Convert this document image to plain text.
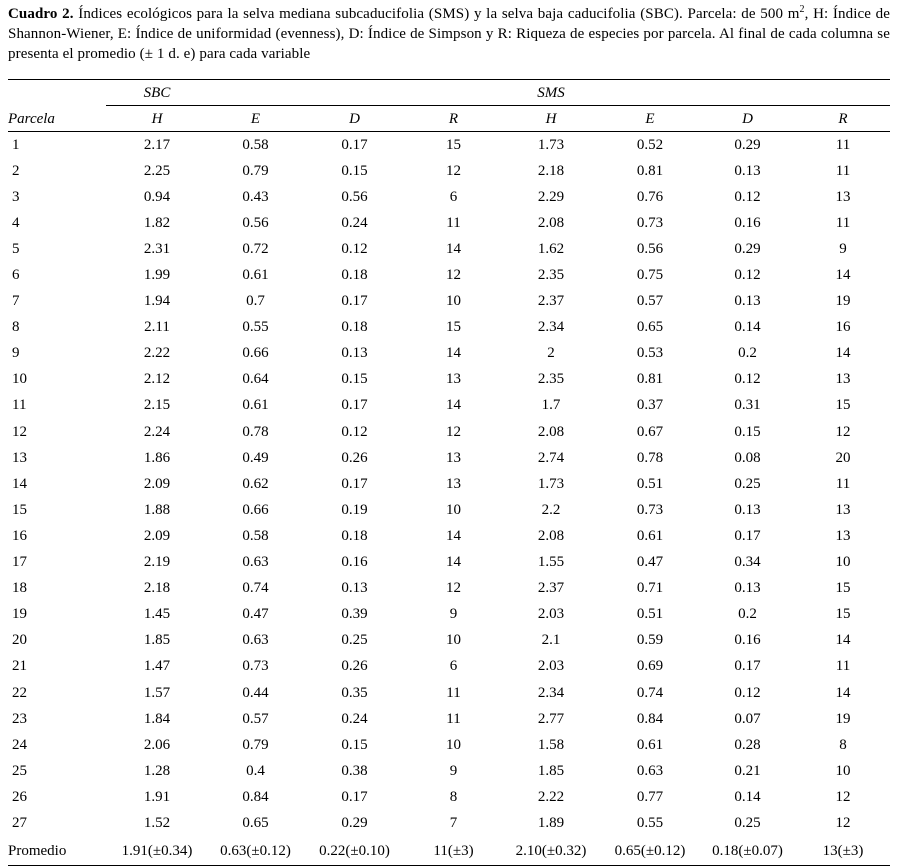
Cuadro 2. Índices ecológicos para la selva mediana subcaducifolia (SMS) y la selva baja caducifolia (SBC). Parcela: de 500 $m^2$, H: Índice de Shannon-Wiener, E: Índice de uniformidad (evenness), D: Índice de Simpson y R: Riqueza de especies por parcela. Al final de cada columna se presenta el promedio (± 1 d. e) para cada variable
	SBC				SMS			
Parcela	H	E	D	R	H	E	D	R
1	2.17	0.58	0.17	15	1.73	0.52	0.29	11
2	2.25	0.79	0.15	12	2.18	0.81	0.13	11
3	0.94	0.43	0.56	6	2.29	0.76	0.12	13
4	1.82	0.56	0.24	11	2.08	0.73	0.16	11
5	2.31	0.72	0.12	14	1.62	0.56	0.29	9
6	1.99	0.61	0.18	12	2.35	0.75	0.12	14
7	1.94	0.7	0.17	10	2.37	0.57	0.13	19
8	2.11	0.55	0.18	15	2.34	0.65	0.14	16
9	2.22	0.66	0.13	14	2	0.53	0.2	14
10	2.12	0.64	0.15	13	2.35	0.81	0.12	13
11	2.15	0.61	0.17	14	1.7	0.37	0.31	15
12	2.24	0.78	0.12	12	2.08	0.67	0.15	12
13	1.86	0.49	0.26	13	2.74	0.78	0.08	20
14	2.09	0.62	0.17	13	1.73	0.51	0.25	11
15	1.88	0.66	0.19	10	2.2	0.73	0.13	13
16	2.09	0.58	0.18	14	2.08	0.61	0.17	13
17	2.19	0.63	0.16	14	1.55	0.47	0.34	10
18	2.18	0.74	0.13	12	2.37	0.71	0.13	15
19	1.45	0.47	0.39	9	2.03	0.51	0.2	15
20	1.85	0.63	0.25	10	2.1	0.59	0.16	14
21	1.47	0.73	0.26	6	2.03	0.69	0.17	11
22	1.57	0.44	0.35	11	2.34	0.74	0.12	14
23	1.84	0.57	0.24	11	2.77	0.84	0.07	19
24	2.06	0.79	0.15	10	1.58	0.61	0.28	8
25	1.28	0.4	0.38	9	1.85	0.63	0.21	10
26	1.91	0.84	0.17	8	2.22	0.77	0.14	12
27	1.52	0.65	0.29	7	1.89	0.55	0.25	12
Promedio	1.91(±0.34)	0.63(±0.12)	0.22(±0.10)	11(±3)	2.10(±0.32)	0.65(±0.12)	0.18(±0.07)	13(±3)
